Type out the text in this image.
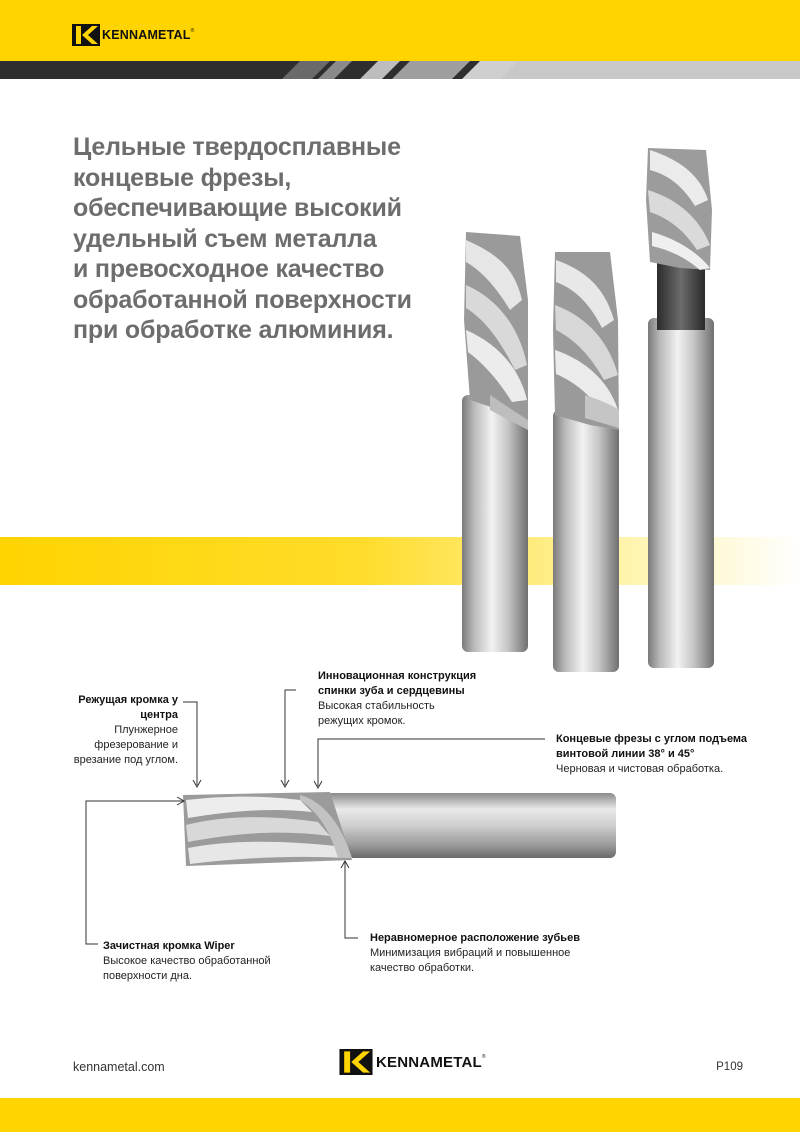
KENNAMETAL®
Цельные твердосплавные
концевые фрезы,
обеспечивающие высокий
удельный съем металла
и превосходное качество
обработанной поверхности
при обработке алюминия.
Режущая кромка у
центра
Плунжерное
фрезерование и
врезание под углом.
Инновационная конструкция
спинки зуба и сердцевины
Высокая стабильность
режущих кромок.
Концевые фрезы с углом подъема
винтовой линии 38° и 45°
Черновая и чистовая обработка.
Зачистная кромка Wiper
Высокое качество обработанной
поверхности дна.
Неравномерное расположение зубьев
Минимизация вибраций и повышенное
качество обработки.
kennametal.com	KENNAMETAL®
P109
